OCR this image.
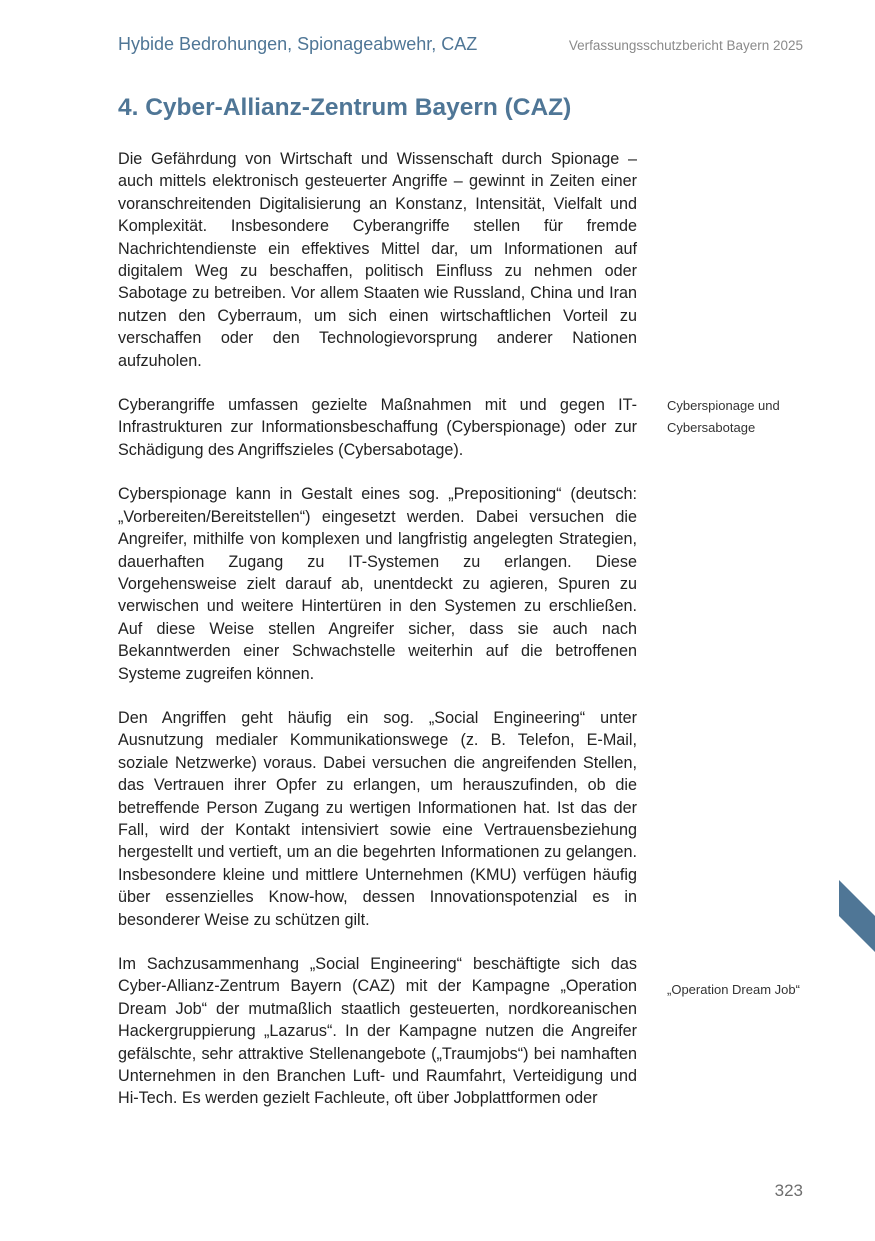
Hybide Bedrohungen, Spionageabwehr, CAZ	Verfassungsschutzbericht Bayern 2025
4. Cyber-Allianz-Zentrum Bayern (CAZ)

Die Gefährdung von Wirtschaft und Wissenschaft durch Spionage – auch mittels elektronisch gesteuerter Angriffe – gewinnt in Zeiten einer voranschreitenden Digitalisierung an Konstanz, Intensität, Vielfalt und Komplexität. Insbesondere Cyberangriffe stellen für fremde Nachrichtendienste ein effektives Mittel dar, um Informationen auf digitalem Weg zu beschaffen, politisch Einfluss zu nehmen oder Sabotage zu betreiben. Vor allem Staaten wie Russland, China und Iran nutzen den Cyberraum, um sich einen wirtschaftlichen Vorteil zu verschaffen oder den Technologievorsprung anderer Nationen aufzuholen.

Cyberangriffe umfassen gezielte Maßnahmen mit und gegen IT-Infrastrukturen zur Informationsbeschaffung (Cyberspionage) oder zur Schädigung des Angriffszieles (Cybersabotage).

Cyberspionage kann in Gestalt eines sog. „Prepositioning“ (deutsch: „Vorbereiten/Bereitstellen“) eingesetzt werden. Dabei versuchen die Angreifer, mithilfe von komplexen und langfristig angelegten Strategien, dauerhaften Zugang zu IT-Systemen zu erlangen. Diese Vorgehensweise zielt darauf ab, unentdeckt zu agieren, Spuren zu verwischen und weitere Hintertüren in den Systemen zu erschließen. Auf diese Weise stellen Angreifer sicher, dass sie auch nach Bekanntwerden einer Schwachstelle weiterhin auf die betroffenen Systeme zugreifen können.

Den Angriffen geht häufig ein sog. „Social Engineering“ unter Ausnutzung medialer Kommunikationswege (z. B. Telefon, E-Mail, soziale Netzwerke) voraus. Dabei versuchen die angreifenden Stellen, das Vertrauen ihrer Opfer zu erlangen, um herauszufinden, ob die betreffende Person Zugang zu wertigen Informationen hat. Ist das der Fall, wird der Kontakt intensiviert sowie eine Vertrauensbeziehung hergestellt und vertieft, um an die begehrten Informationen zu gelangen. Insbesondere kleine und mittlere Unternehmen (KMU) verfügen häufig über essenzielles Know-how, dessen Innovationspotenzial es in besonderer Weise zu schützen gilt.

Im Sachzusammenhang „Social Engineering“ beschäftigte sich das Cyber-Allianz-Zentrum Bayern (CAZ) mit der Kampagne „Operation Dream Job“ der mutmaßlich staatlich gesteuerten, nordkoreanischen Hackergruppierung „Lazarus“. In der Kampagne nutzen die Angreifer gefälschte, sehr attraktive Stellenangebote („Traumjobs“) bei namhaften Unternehmen in den Branchen Luft- und Raumfahrt, Verteidigung und Hi-Tech. Es werden gezielt Fachleute, oft über Jobplattformen oder

Cyberspionage und Cybersabotage
„Operation Dream Job“
323
